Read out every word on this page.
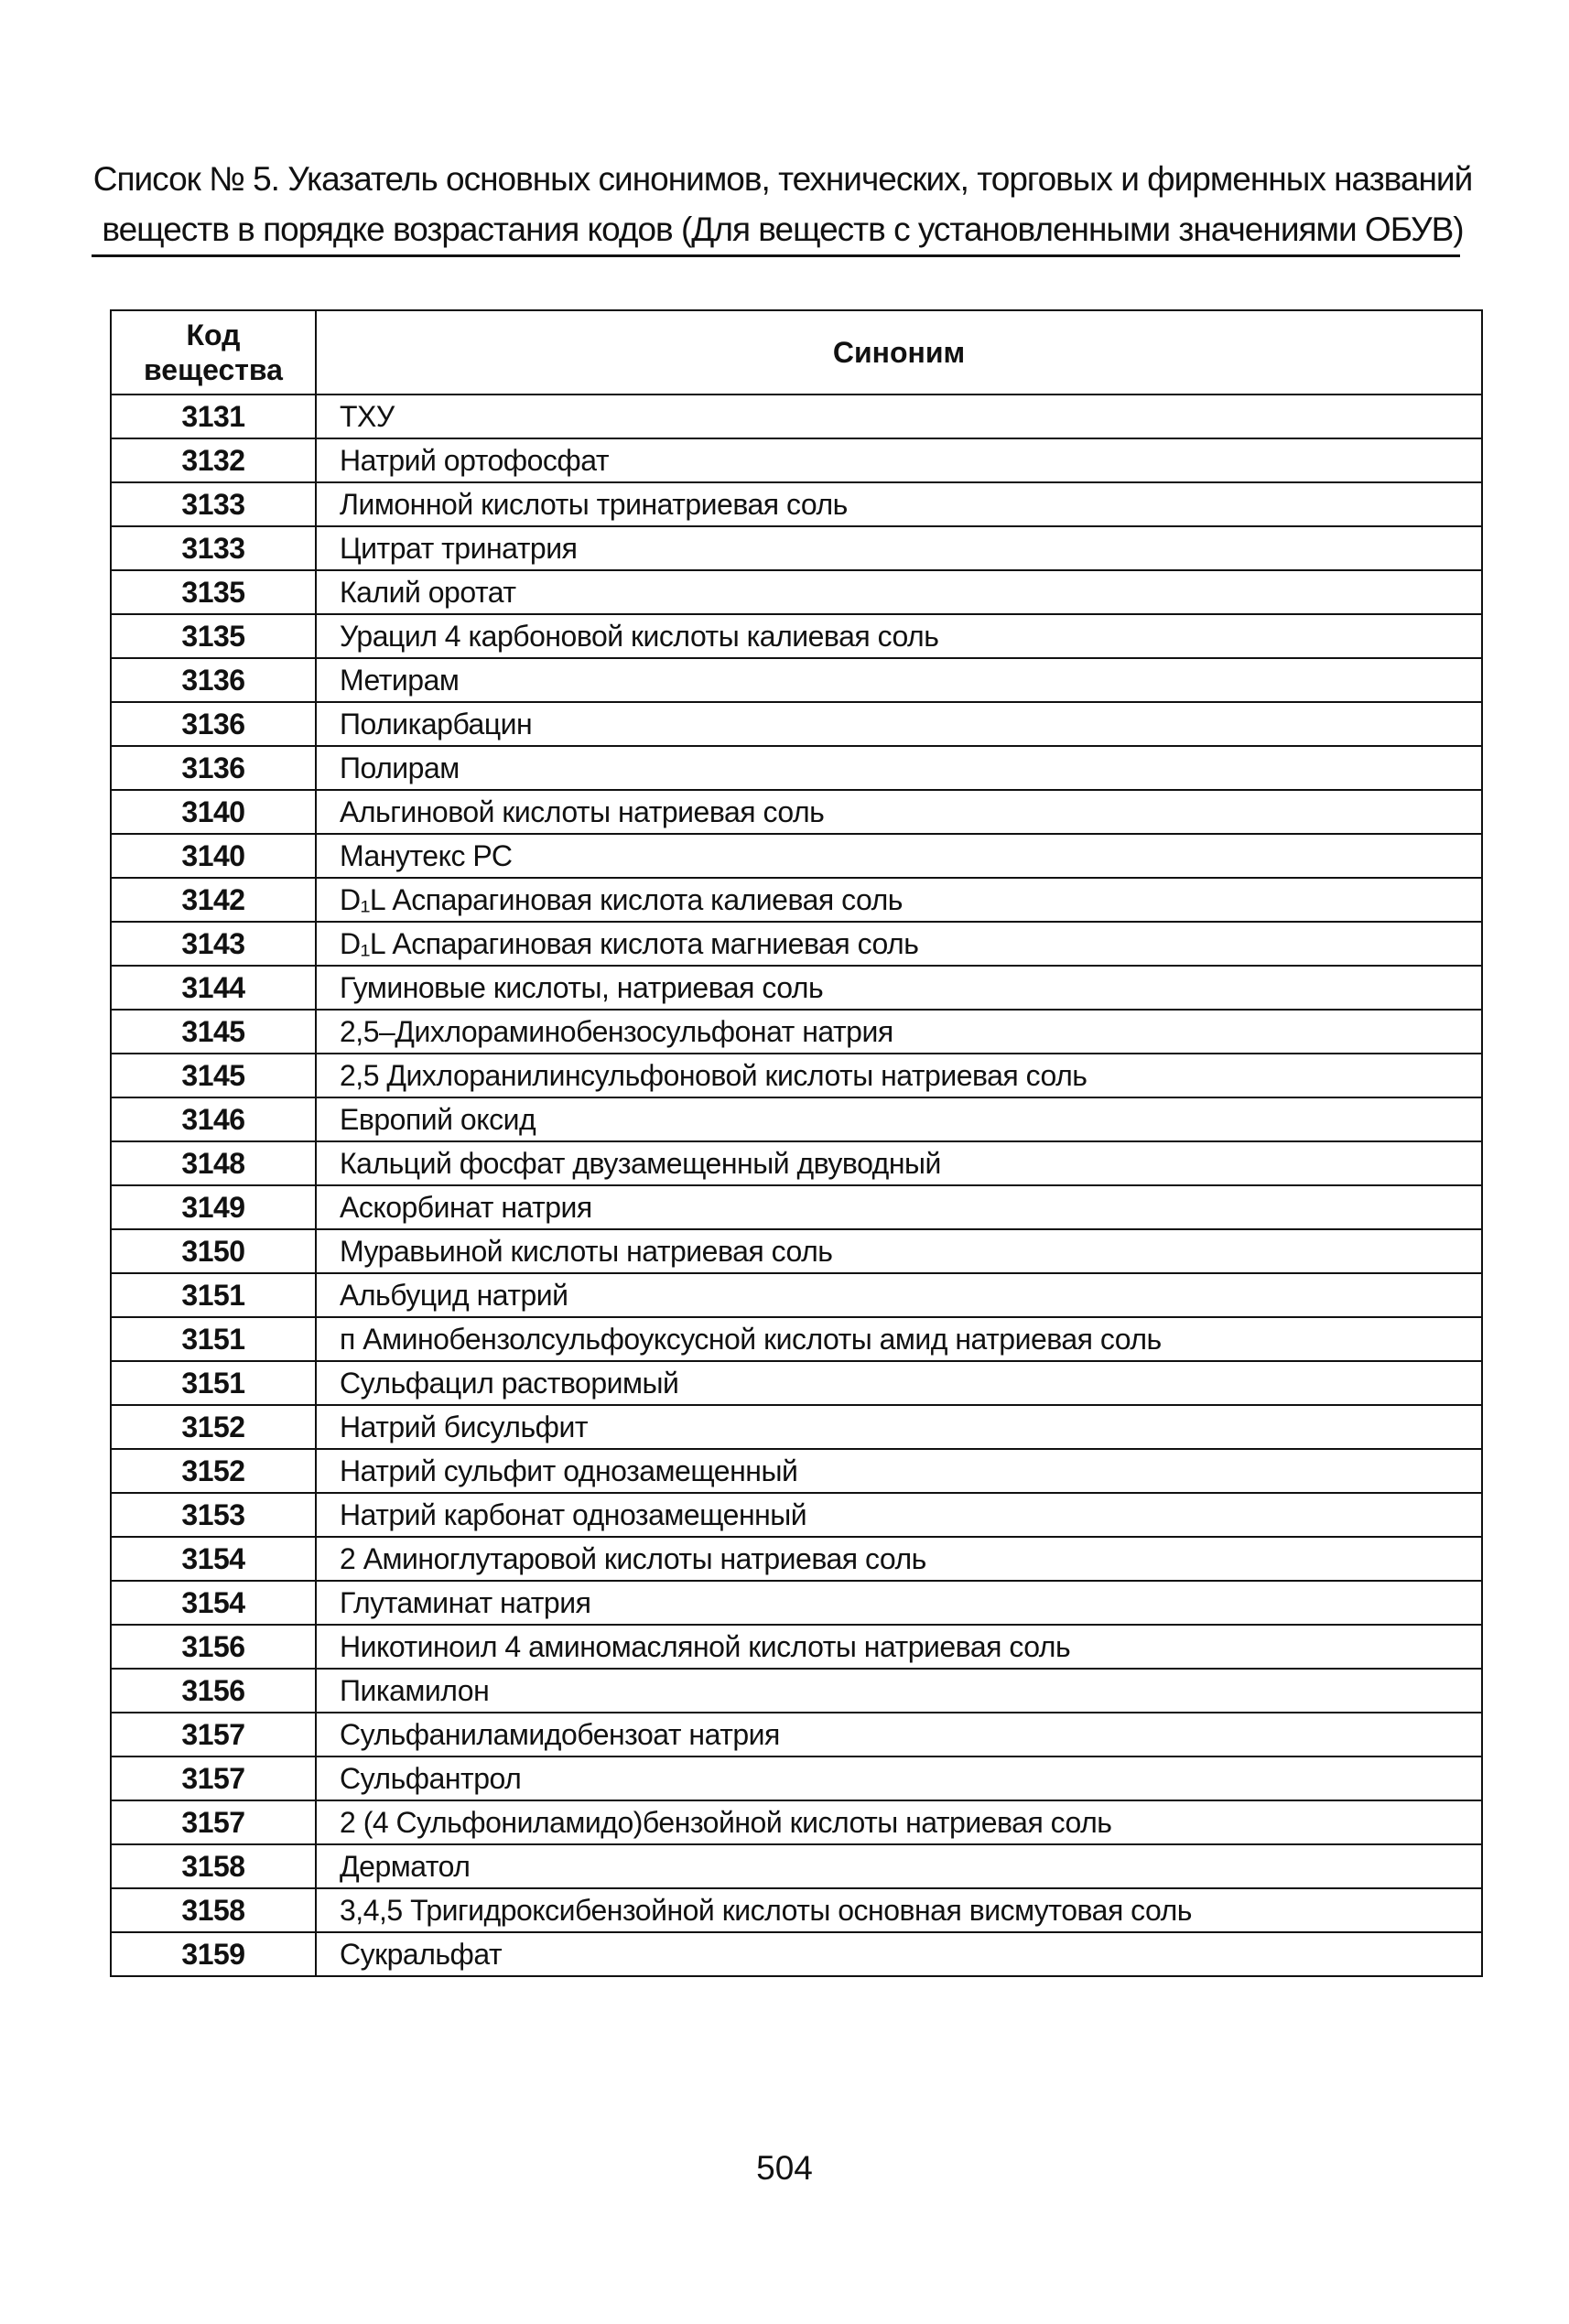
Список № 5. Указатель основных синонимов, технических, торговых и фирменных названий
веществ в порядке возрастания кодов (Для веществ с установленными значениями ОБУВ)
Код
вещества	Синоним
3131	ТХУ
3132	Натрий ортофосфат
3133	Лимонной кислоты тринатриевая соль
3133	Цитрат тринатрия
3135	Калий оротат
3135	Урацил 4 карбоновой кислоты калиевая соль
3136	Метирам
3136	Поликарбацин
3136	Полирам
3140	Альгиновой кислоты натриевая соль
3140	Манутекс РС
3142	D₁L Аспарагиновая кислота калиевая соль
3143	D₁L Аспарагиновая кислота магниевая соль
3144	Гуминовые кислоты, натриевая соль
3145	2,5–Дихлораминобензосульфонат натрия
3145	2,5 Дихлоранилинсульфоновой кислоты натриевая соль
3146	Европий оксид
3148	Кальций фосфат двузамещенный двуводный
3149	Аскорбинат натрия
3150	Муравьиной кислоты натриевая соль
3151	Альбуцид натрий
3151	п Аминобензолсульфоуксусной кислоты амид натриевая соль
3151	Сульфацил растворимый
3152	Натрий бисульфит
3152	Натрий сульфит однозамещенный
3153	Натрий карбонат однозамещенный
3154	2 Аминоглутаровой кислоты натриевая соль
3154	Глутаминат натрия
3156	Никотиноил 4 аминомасляной кислоты натриевая соль
3156	Пикамилон
3157	Сульфаниламидобензоат натрия
3157	Сульфантрол
3157	2 (4 Сульфониламидо)бензойной кислоты натриевая соль
3158	Дерматол
3158	3,4,5 Тригидроксибензойной кислоты основная висмутовая соль
3159	Сукральфат
504
